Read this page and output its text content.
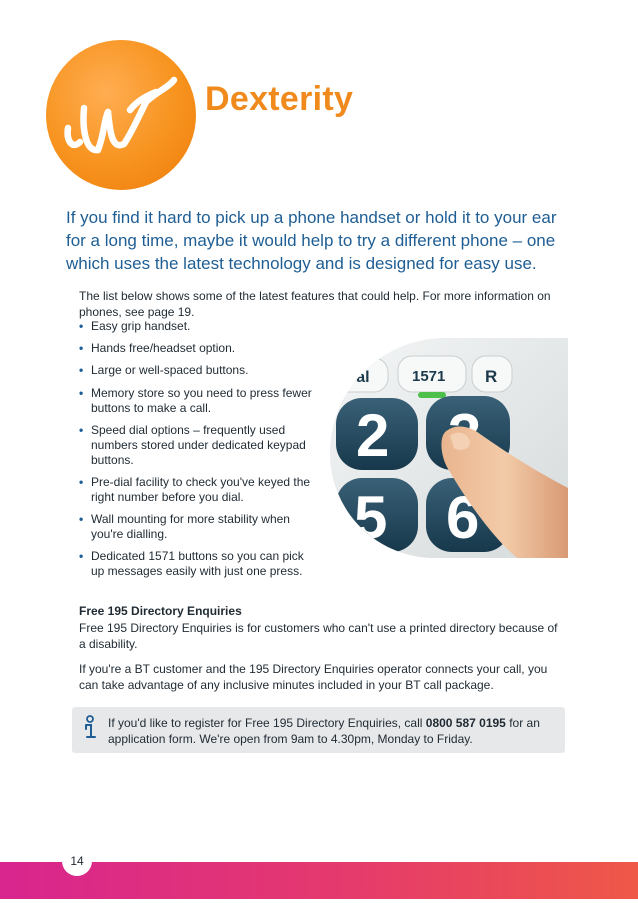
Dexterity
If you find it hard to pick up a phone handset or hold it to your ear for a long time, maybe it would help to try a different phone – one which uses the latest technology and is designed for easy use.
The list below shows some of the latest features that could help. For more information on phones, see page 19.
• Easy grip handset.
• Hands free/headset option.
• Large or well-spaced buttons.
• Memory store so you need to press fewer buttons to make a call.
• Speed dial options – frequently used numbers stored under dedicated keypad buttons.
• Pre-dial facility to check you've keyed the right number before you dial.
• Wall mounting for more stability when you're dialling.
• Dedicated 1571 buttons so you can pick up messages easily with just one press.
dial	1571 R
2
5 6
Free 195 Directory Enquiries
Free 195 Directory Enquiries is for customers who can't use a printed directory because of a disability.
If you're a BT customer and the 195 Directory Enquiries operator connects your call, you can take advantage of any inclusive minutes included in your BT call package.
If you'd like to register for Free 195 Directory Enquiries, call 0800 587 0195 for an application form. We're open from 9am to 4.30pm, Monday to Friday.
14
